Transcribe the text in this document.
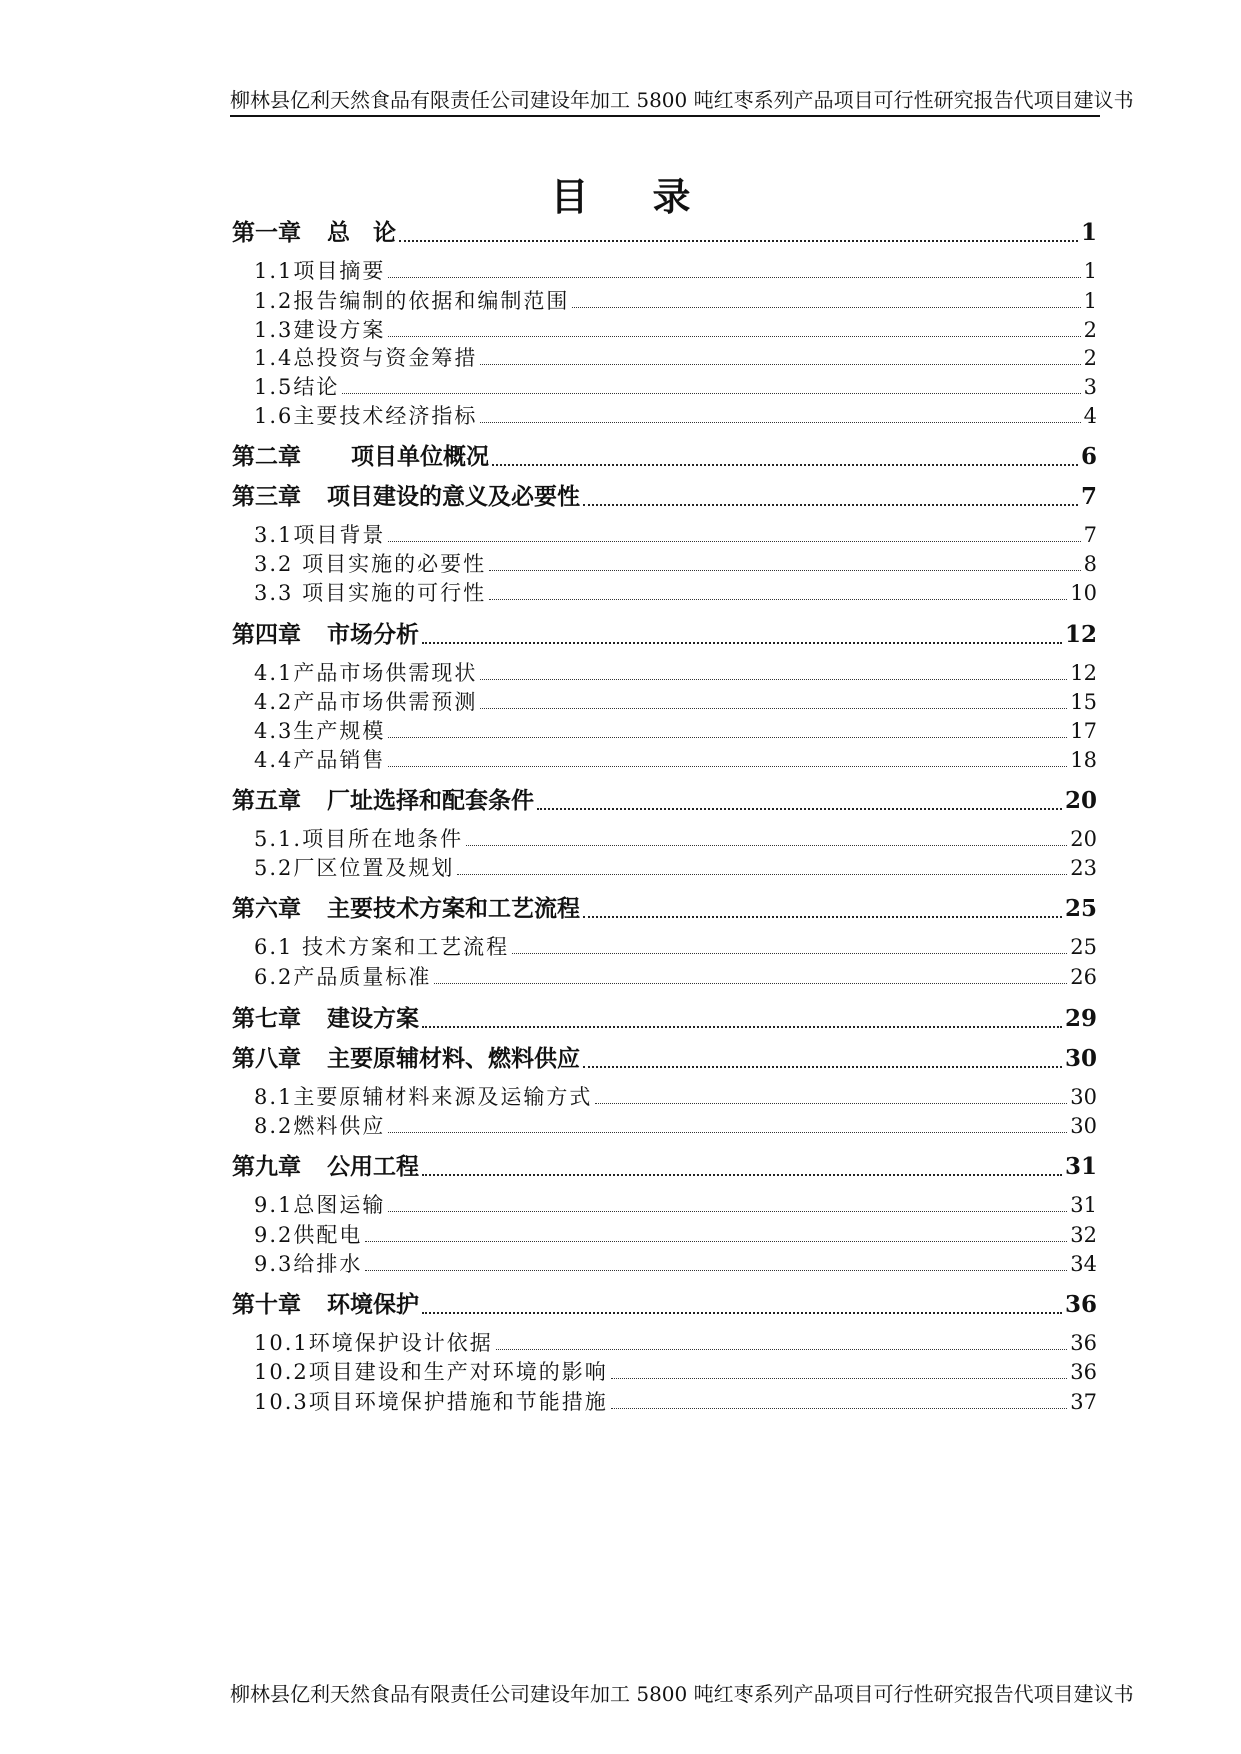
柳林县亿利天然食品有限责任公司建设年加工 5800 吨红枣系列产品项目可行性研究报告代项目建议书
目录
第一章 总　论	1
1.1项目摘要	1
1.2报告编制的依据和编制范围	1
1.3建设方案	2
1.4总投资与资金筹措	2
1.5结论	3
1.6主要技术经济指标	4
第二章 项目单位概况	6
第三章 项目建设的意义及必要性	7
3.1项目背景	7
3.2 项目实施的必要性	8
3.3 项目实施的可行性	10
第四章 市场分析	12
4.1产品市场供需现状	12
4.2产品市场供需预测	15
4.3生产规模	17
4.4产品销售	18
第五章 厂址选择和配套条件	20
5.1.项目所在地条件	20
5.2厂区位置及规划	23
第六章 主要技术方案和工艺流程	25
6.1 技术方案和工艺流程	25
6.2产品质量标准	26
第七章 建设方案	29
第八章 主要原辅材料、燃料供应	30
8.1主要原辅材料来源及运输方式	30
8.2燃料供应	30
第九章 公用工程	31
9.1总图运输	31
9.2供配电	32
9.3给排水	34
第十章 环境保护	36
10.1环境保护设计依据	36
10.2项目建设和生产对环境的影响	36
10.3项目环境保护措施和节能措施	37
柳林县亿利天然食品有限责任公司建设年加工 5800 吨红枣系列产品项目可行性研究报告代项目建议书
